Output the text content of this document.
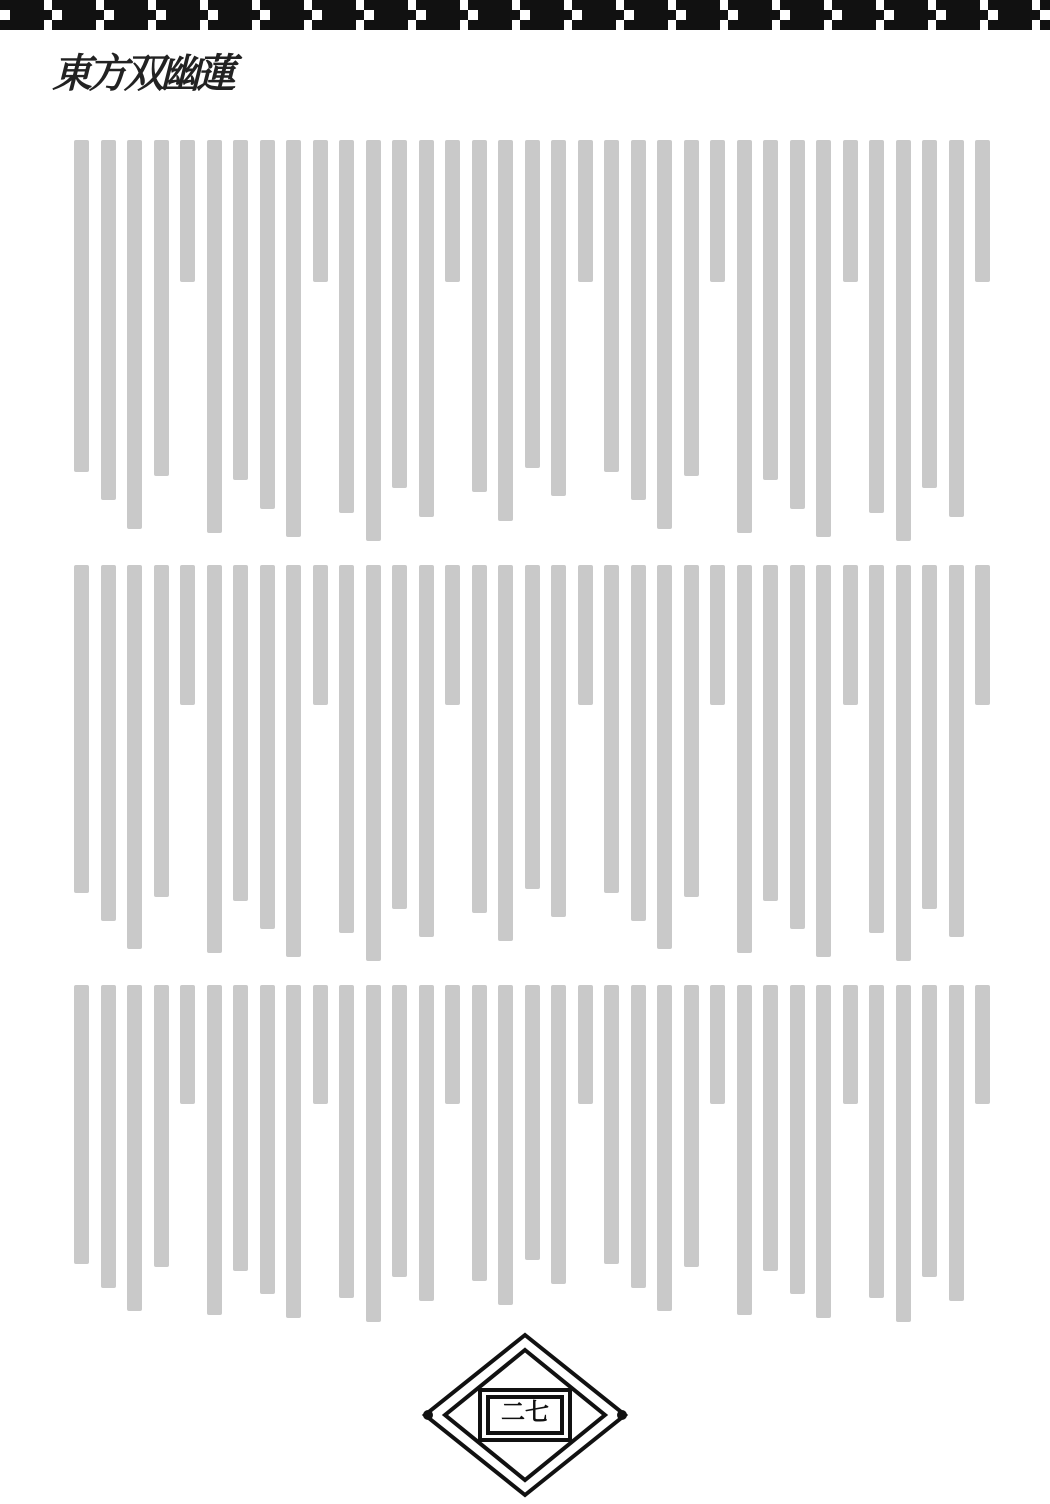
東方双幽蓮
二七
